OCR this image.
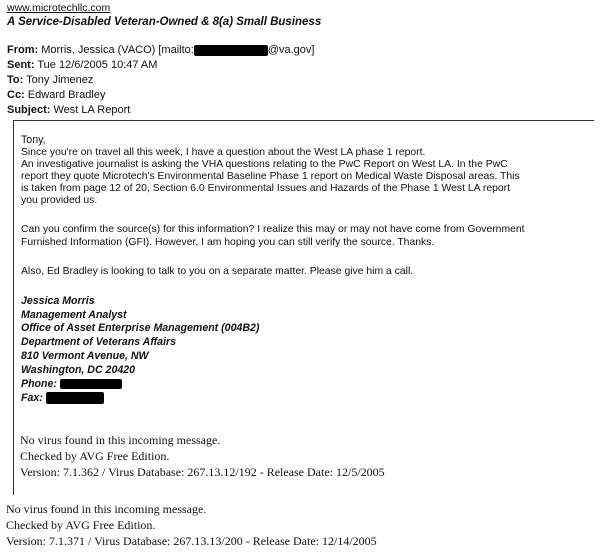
www.microtechllc.com
A Service-Disabled Veteran-Owned & 8(a) Small Business
From: Morris, Jessica (VACO) [mailto:	@va.gov]
Sent: Tue 12/6/2005 10:47 AM
To: Tony Jimenez
Cc: Edward Bradley
Subject: West LA Report
Tony,
Since you're on travel all this week, I have a question about the West LA phase 1 report.
An investigative journalist is asking the VHA questions relating to the PwC Report on West LA. In the PwC
report they quote Microtech's Environmental Baseline Phase 1 report on Medical Waste Disposal areas. This
is taken from page 12 of 20, Section 6.0 Environmental Issues and Hazards of the Phase 1 West LA report
you provided us.
Can you confirm the source(s) for this information? I realize this may or may not have come from Government
Furnished Information (GFI). However, I am hoping you can still verify the source. Thanks.
Also, Ed Bradley is looking to talk to you on a separate matter. Please give him a call.
Jessica Morris
Management Analyst
Office of Asset Enterprise Management (004B2)
Department of Veterans Affairs
810 Vermont Avenue, NW
Washington, DC 20420
Phone:
Fax:
No virus found in this incoming message.
Checked by AVG Free Edition.
Version: 7.1.362 / Virus Database: 267.13.12/192 - Release Date: 12/5/2005
No virus found in this incoming message.
Checked by AVG Free Edition.
Version: 7.1.371 / Virus Database: 267.13.13/200 - Release Date: 12/14/2005
